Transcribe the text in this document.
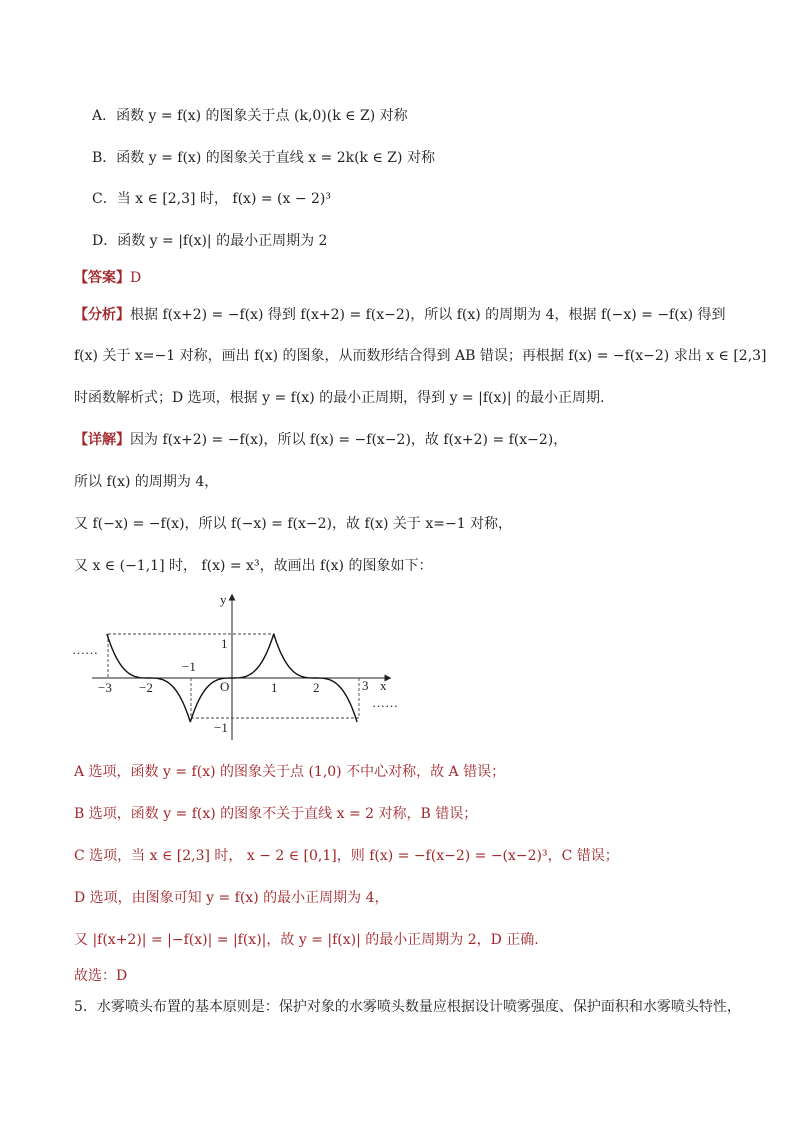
A．函数 y = f(x) 的图象关于点 (k,0)(k ∈ Z) 对称
B．函数 y = f(x) 的图象关于直线 x = 2k(k ∈ Z) 对称
C．当 x ∈ [2,3] 时， f(x) = (x − 2)³
D．函数 y = |f(x)| 的最小正周期为 2
【答案】D
【分析】根据 f(x+2) = −f(x) 得到 f(x+2) = f(x−2)，所以 f(x) 的周期为 4，根据 f(−x) = −f(x) 得到
f(x) 关于 x=−1 对称，画出 f(x) 的图象，从而数形结合得到 AB 错误；再根据 f(x) = −f(x−2) 求出 x ∈ [2,3]
时函数解析式；D 选项，根据 y = f(x) 的最小正周期，得到 y = |f(x)| 的最小正周期.
【详解】因为 f(x+2) = −f(x)，所以 f(x) = −f(x−2)，故 f(x+2) = f(x−2)，
所以 f(x) 的周期为 4，
又 f(−x) = −f(x)，所以 f(−x) = f(x−2)，故 f(x) 关于 x=−1 对称，
又 x ∈ (−1,1] 时， f(x) = x³，故画出 f(x) 的图象如下：
y
x
O
……
……
−3 −2
−1
1	2	3
1
−1
A 选项，函数 y = f(x) 的图象关于点 (1,0) 不中心对称，故 A 错误；
B 选项，函数 y = f(x) 的图象不关于直线 x = 2 对称，B 错误；
C 选项，当 x ∈ [2,3] 时， x − 2 ∈ [0,1]，则 f(x) = −f(x−2) = −(x−2)³，C 错误；
D 选项，由图象可知 y = f(x) 的最小正周期为 4，
又 |f(x+2)| = |−f(x)| = |f(x)|，故 y = |f(x)| 的最小正周期为 2，D 正确.
故选：D
5．水雾喷头布置的基本原则是：保护对象的水雾喷头数量应根据设计喷雾强度、保护面积和水雾喷头特性，
